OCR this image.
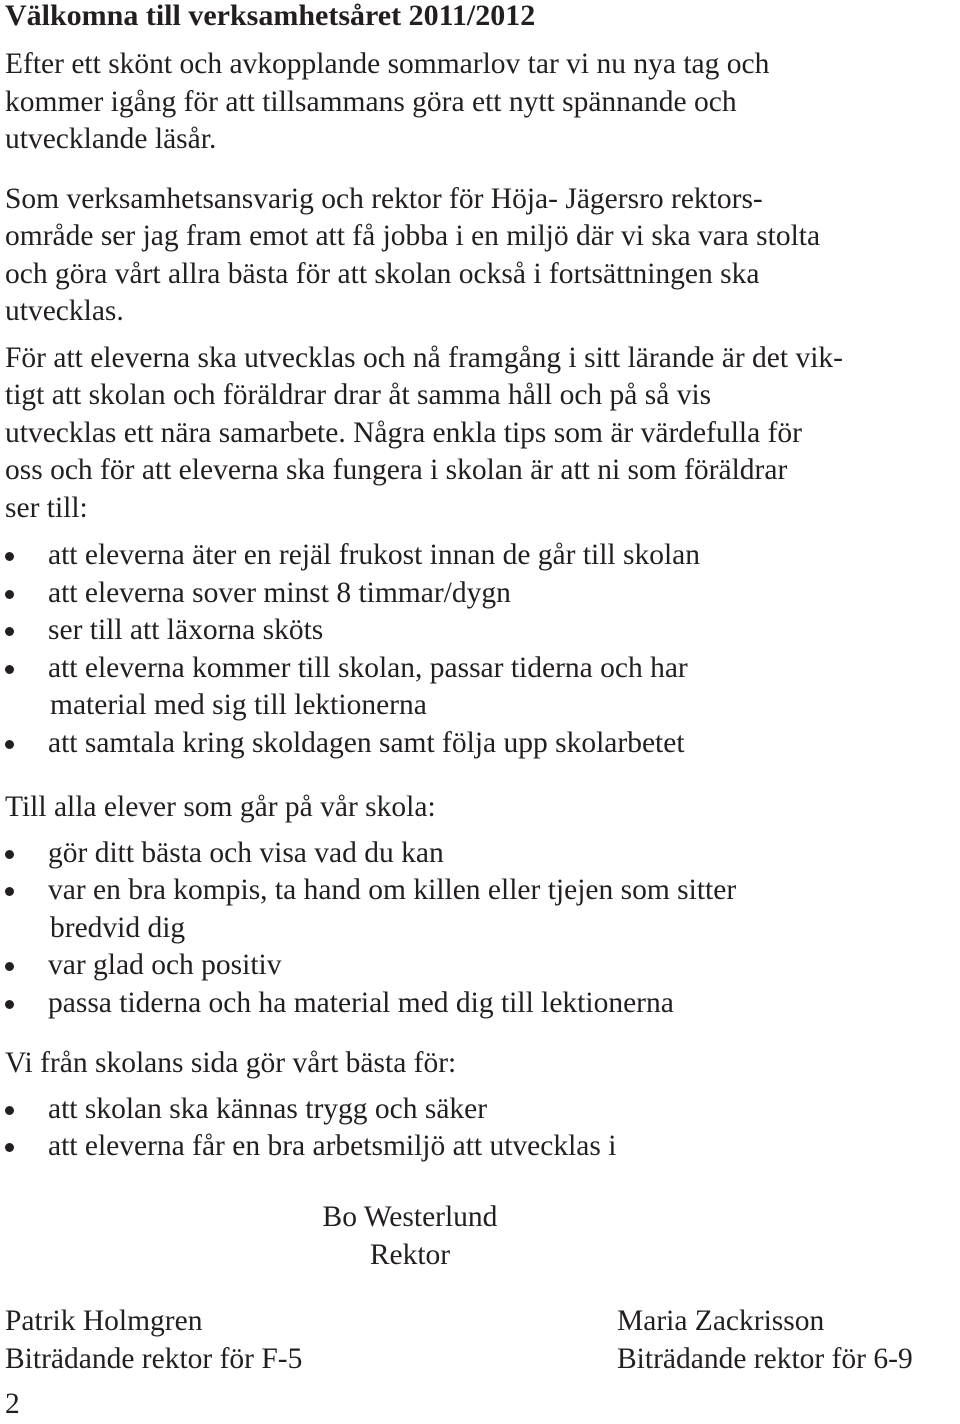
Välkomna till verksamhetsåret 2011/2012

Efter ett skönt och avkopplande sommarlov tar vi nu nya tag och
kommer igång för att tillsammans göra ett nytt spännande och
utvecklande läsår.

Som verksamhetsansvarig och rektor för Höja- Jägersro rektors-
område ser jag fram emot att få jobba i en miljö där vi ska vara stolta
och göra vårt allra bästa för att skolan också i fortsättningen ska
utvecklas.

För att eleverna ska utvecklas och nå framgång i sitt lärande är det vik-
tigt att skolan och föräldrar drar åt samma håll och på så vis
utvecklas ett nära samarbete. Några enkla tips som är värdefulla för
oss och för att eleverna ska fungera i skolan är att ni som föräldrar
ser till:

att eleverna äter en rejäl frukost innan de går till skolan
att eleverna sover minst 8 timmar/dygn
ser till att läxorna sköts
att eleverna kommer till skolan, passar tiderna och har
material med sig till lektionerna
att samtala kring skoldagen samt följa upp skolarbetet

Till alla elever som går på vår skola:

gör ditt bästa och visa vad du kan
var en bra kompis, ta hand om killen eller tjejen som sitter
bredvid dig
var glad och positiv
passa tiderna och ha material med dig till lektionerna

Vi från skolans sida gör vårt bästa för:

att skolan ska kännas trygg och säker
att eleverna får en bra arbetsmiljö att utvecklas i
Bo Westerlund
Rektor
Patrik Holmgren
Biträdande rektor för F-5
Maria Zackrisson
Biträdande rektor för 6-9
2
